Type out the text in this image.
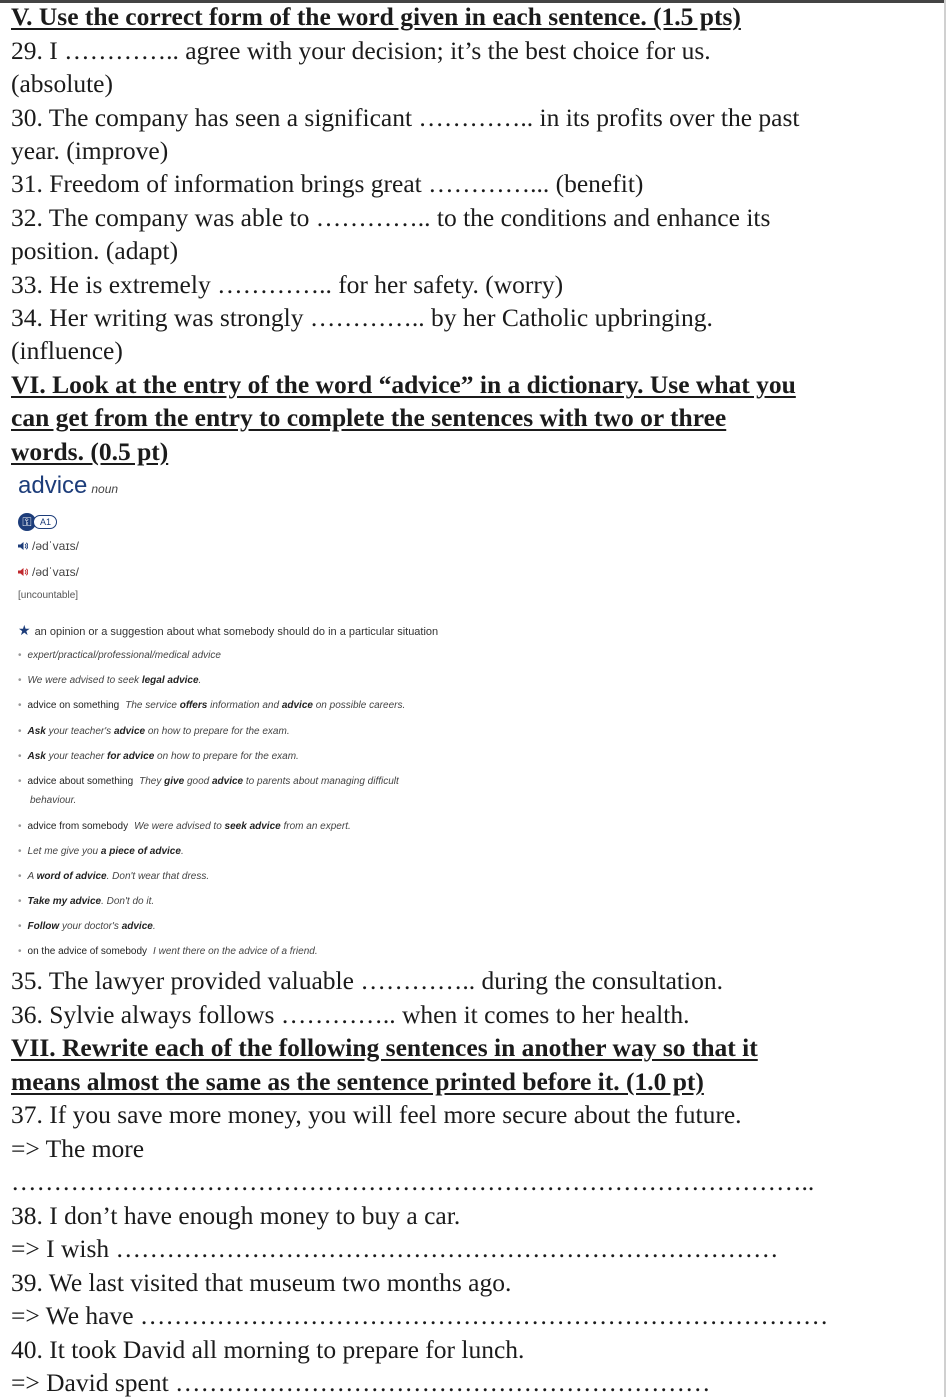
V. Use the correct form of the word given in each sentence. (1.5 pts)
29. I ………….. agree with your decision; it’s the best choice for us.
(absolute)
30. The company has seen a significant ………….. in its profits over the past
year. (improve)
31. Freedom of information brings great …………... (benefit)
32. The company was able to ………….. to the conditions and enhance its
position. (adapt)
33. He is extremely ………….. for her safety. (worry)
34. Her writing was strongly ………….. by her Catholic upbringing.
(influence)
VI. Look at the entry of the word “advice” in a dictionary. Use what you
can get from the entry to complete the sentences with two or three
words. (0.5 pt)
advice noun
⚿ A1
/ədˈvaɪs/
/ədˈvaɪs/
[uncountable]
★ an opinion or a suggestion about what somebody should do in a particular situation
• expert/practical/professional/medical advice
• We were advised to seek legal advice.
• advice on something The service offers information and advice on possible careers.
• Ask your teacher's advice on how to prepare for the exam.
• Ask your teacher for advice on how to prepare for the exam.
• advice about something They give good advice to parents about managing difficult
behaviour.
• advice from somebody We were advised to seek advice from an expert.
• Let me give you a piece of advice.
• A word of advice. Don't wear that dress.
• Take my advice. Don't do it.
• Follow your doctor's advice.
• on the advice of somebody I went there on the advice of a friend.
35. The lawyer provided valuable ………….. during the consultation.
36. Sylvie always follows ………….. when it comes to her health.
VII. Rewrite each of the following sentences in another way so that it
means almost the same as the sentence printed before it. (1.0 pt)
37. If you save more money, you will feel more secure about the future.
=> The more
…………………………………………………………………………………..
38. I don’t have enough money to buy a car.
=> I wish ……………………………………………………………………
39. We last visited that museum two months ago.
=> We have ………………………………………………………………………
40. It took David all morning to prepare for lunch.
=> David spent ………………………………………………………
